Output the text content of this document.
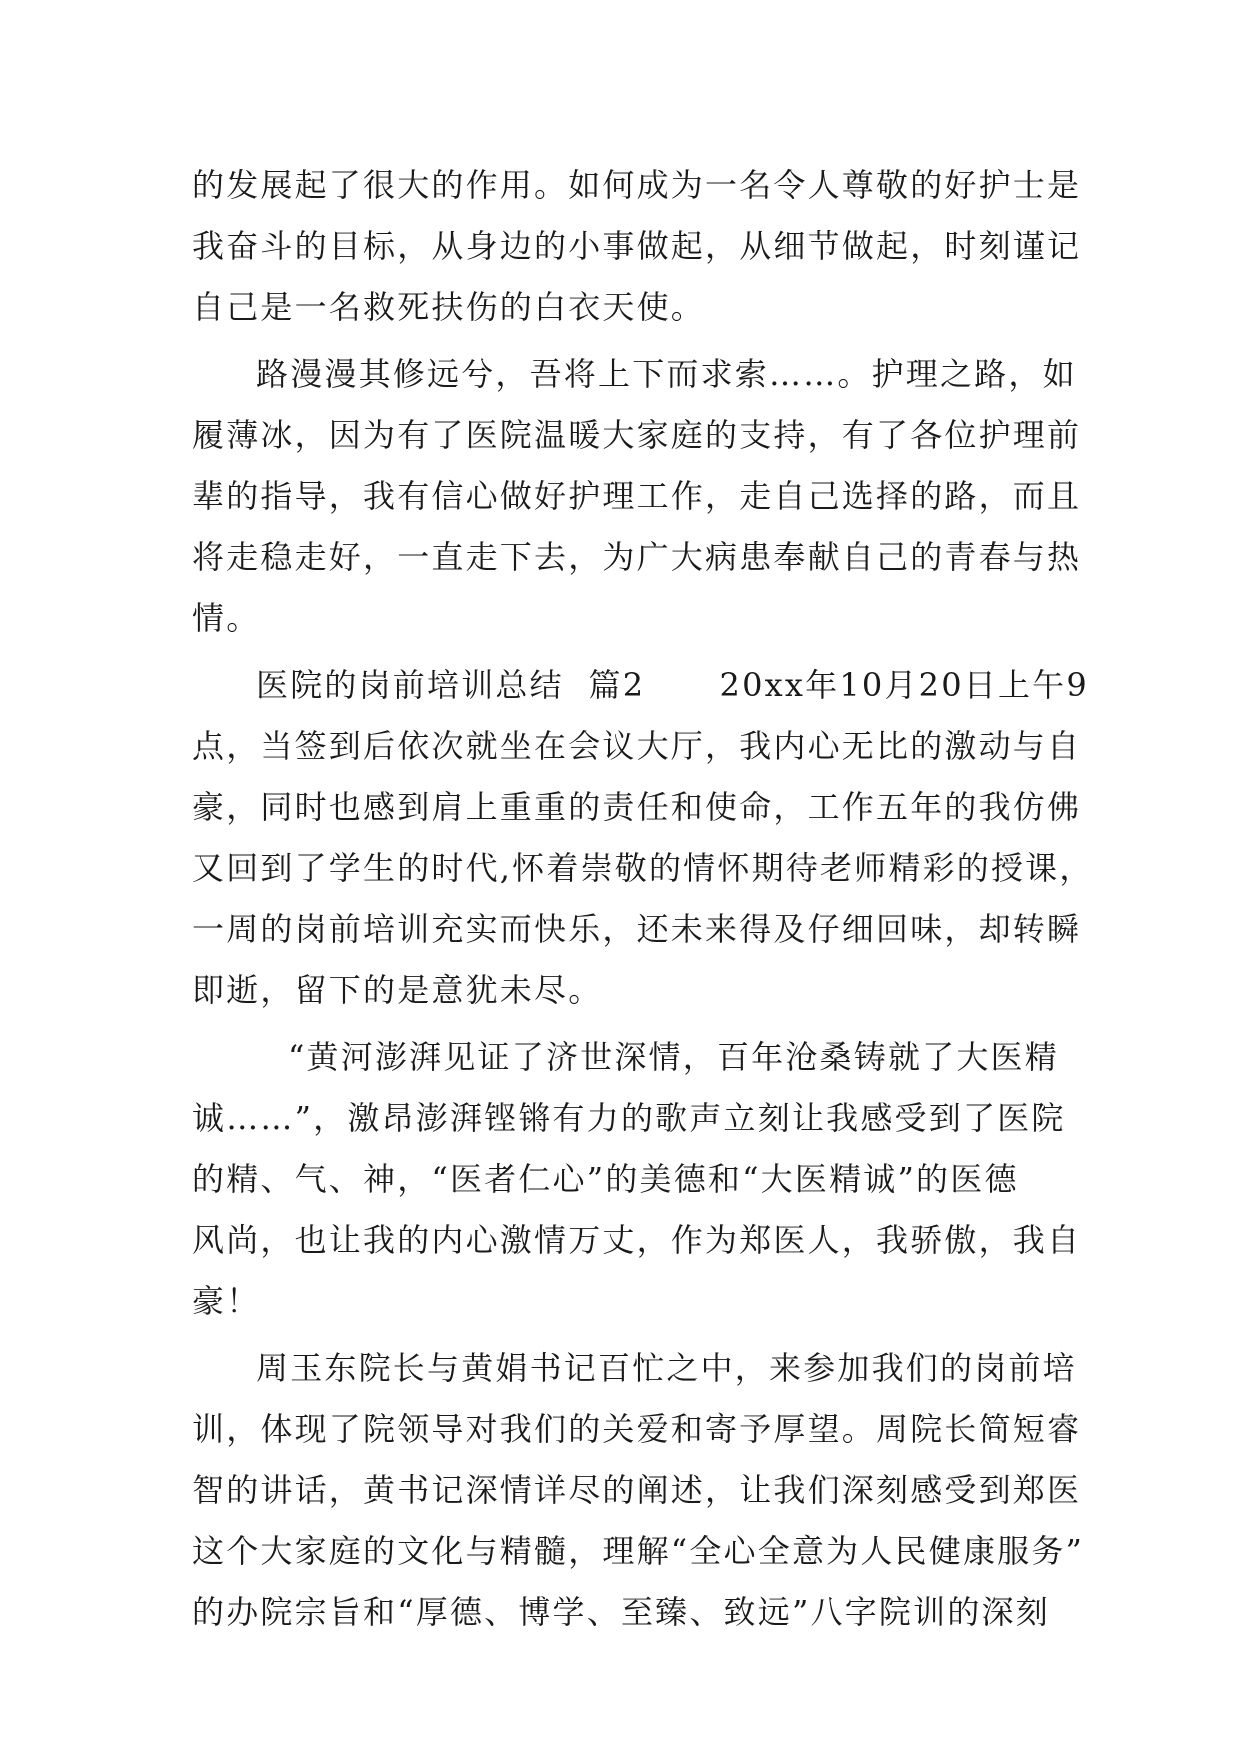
的发展起了很大的作用。如何成为一名令人尊敬的好护士是
我奋斗的目标，从身边的小事做起，从细节做起，时刻谨记
自己是一名救死扶伤的白衣天使。
路漫漫其修远兮，吾将上下而求索……。护理之路，如
履薄冰，因为有了医院温暖大家庭的支持，有了各位护理前
辈的指导，我有信心做好护理工作，走自己选择的路，而且
将走稳走好，一直走下去，为广大病患奉献自己的青春与热
情。
医院的岗前培训总结  篇2      20xx年10月20日上午9
点，当签到后依次就坐在会议大厅，我内心无比的激动与自
豪，同时也感到肩上重重的责任和使命，工作五年的我仿佛
又回到了学生的时代,怀着崇敬的情怀期待老师精彩的授课，
一周的岗前培训充实而快乐，还未来得及仔细回味，却转瞬
即逝，留下的是意犹未尽。
“黄河澎湃见证了济世深情，百年沧桑铸就了大医精
诚……”，激昂澎湃铿锵有力的歌声立刻让我感受到了医院
的精、气、神，“医者仁心”的美德和“大医精诚”的医德
风尚，也让我的内心激情万丈，作为郑医人，我骄傲，我自
豪！
周玉东院长与黄娟书记百忙之中，来参加我们的岗前培
训，体现了院领导对我们的关爱和寄予厚望。周院长简短睿
智的讲话，黄书记深情详尽的阐述，让我们深刻感受到郑医
这个大家庭的文化与精髓，理解“全心全意为人民健康服务”
的办院宗旨和“厚德、博学、至臻、致远”八字院训的深刻
